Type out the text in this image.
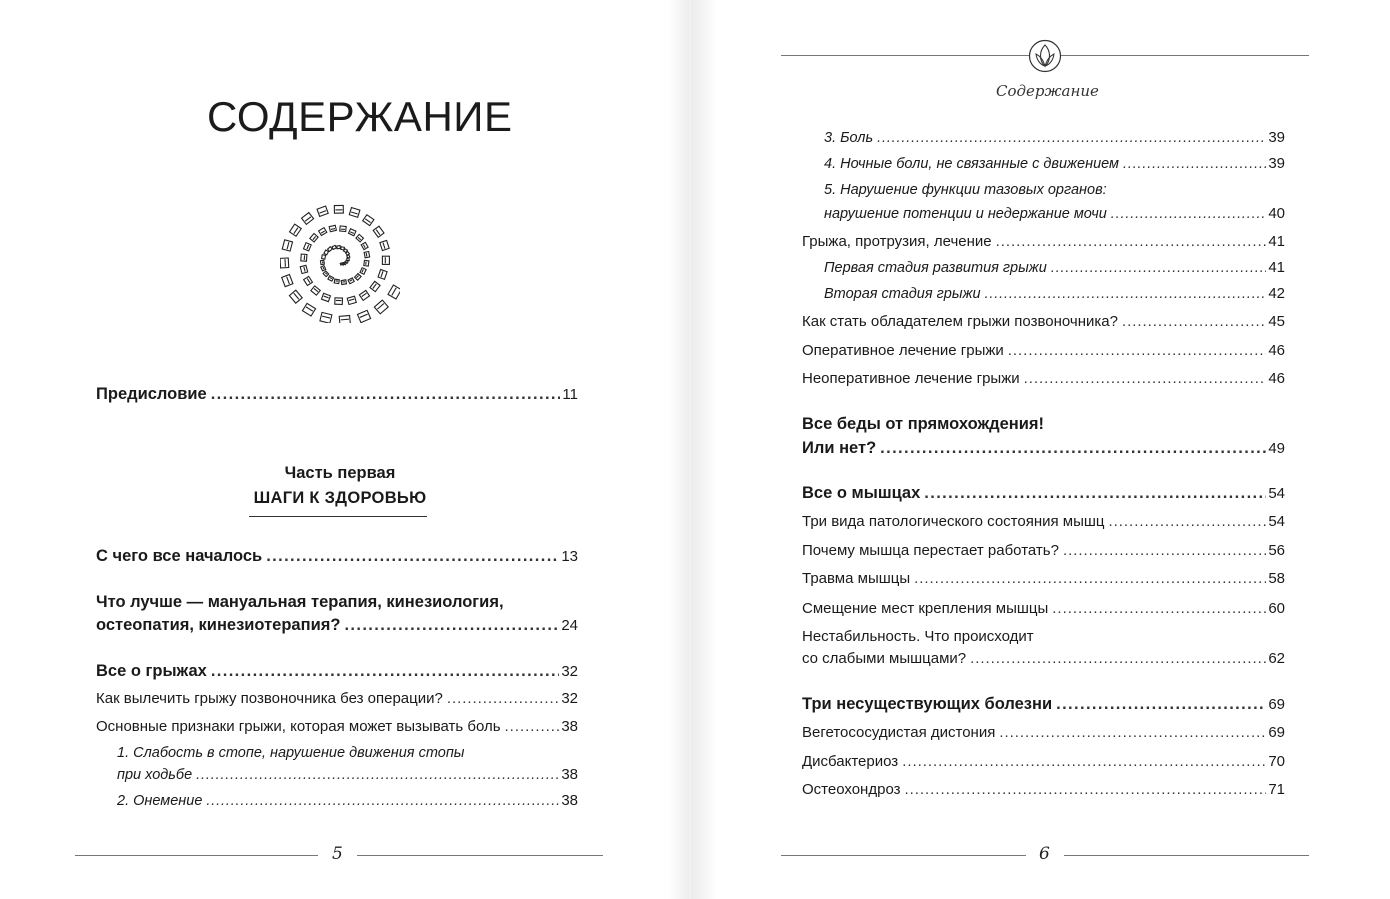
СОДЕРЖАНИЕ
Предисловие . . .	11
Часть первая
ШАГИ К ЗДОРОВЬЮ
С чего все началось . . .	13
Что лучше — мануальная терапия, кинезиология,
остеопатия, кинезиотерапия? . . .	24
Все о грыжах . . .	32
Как вылечить грыжу позвоночника без операции? . . .	32
Основные признаки грыжи, которая может вызывать боль . . .	38
1. Слабость в стопе, нарушение движения стопы
при ходьбе . . .	38
2. Онемение . . .	38
5
Содержание
3. Боль . . .	39
4. Ночные боли, не связанные с движением . . .	39
5. Нарушение функции тазовых органов:
нарушение потенции и недержание мочи . . .	40
Грыжа, протрузия, лечение . . .	41
Первая стадия развития грыжи . . .	41
Вторая стадия грыжи . . .	42
Как стать обладателем грыжи позвоночника? . . .	45
Оперативное лечение грыжи . . .	46
Неоперативное лечение грыжи . . .	46
Все беды от прямохождения!
Или нет? . . .	49
Все о мышцах . . .	54
Три вида патологического состояния мышц . . .	54
Почему мышца перестает работать? . . .	56
Травма мышцы . . .	58
Смещение мест крепления мышцы . . .	60
Нестабильность. Что происходит
со слабыми мышцами? . . .	62
Три несуществующих болезни . . .	69
Вегетососудистая дистония . . .	69
Дисбактериоз . . .	70
Остеохондроз . . .	71
6
